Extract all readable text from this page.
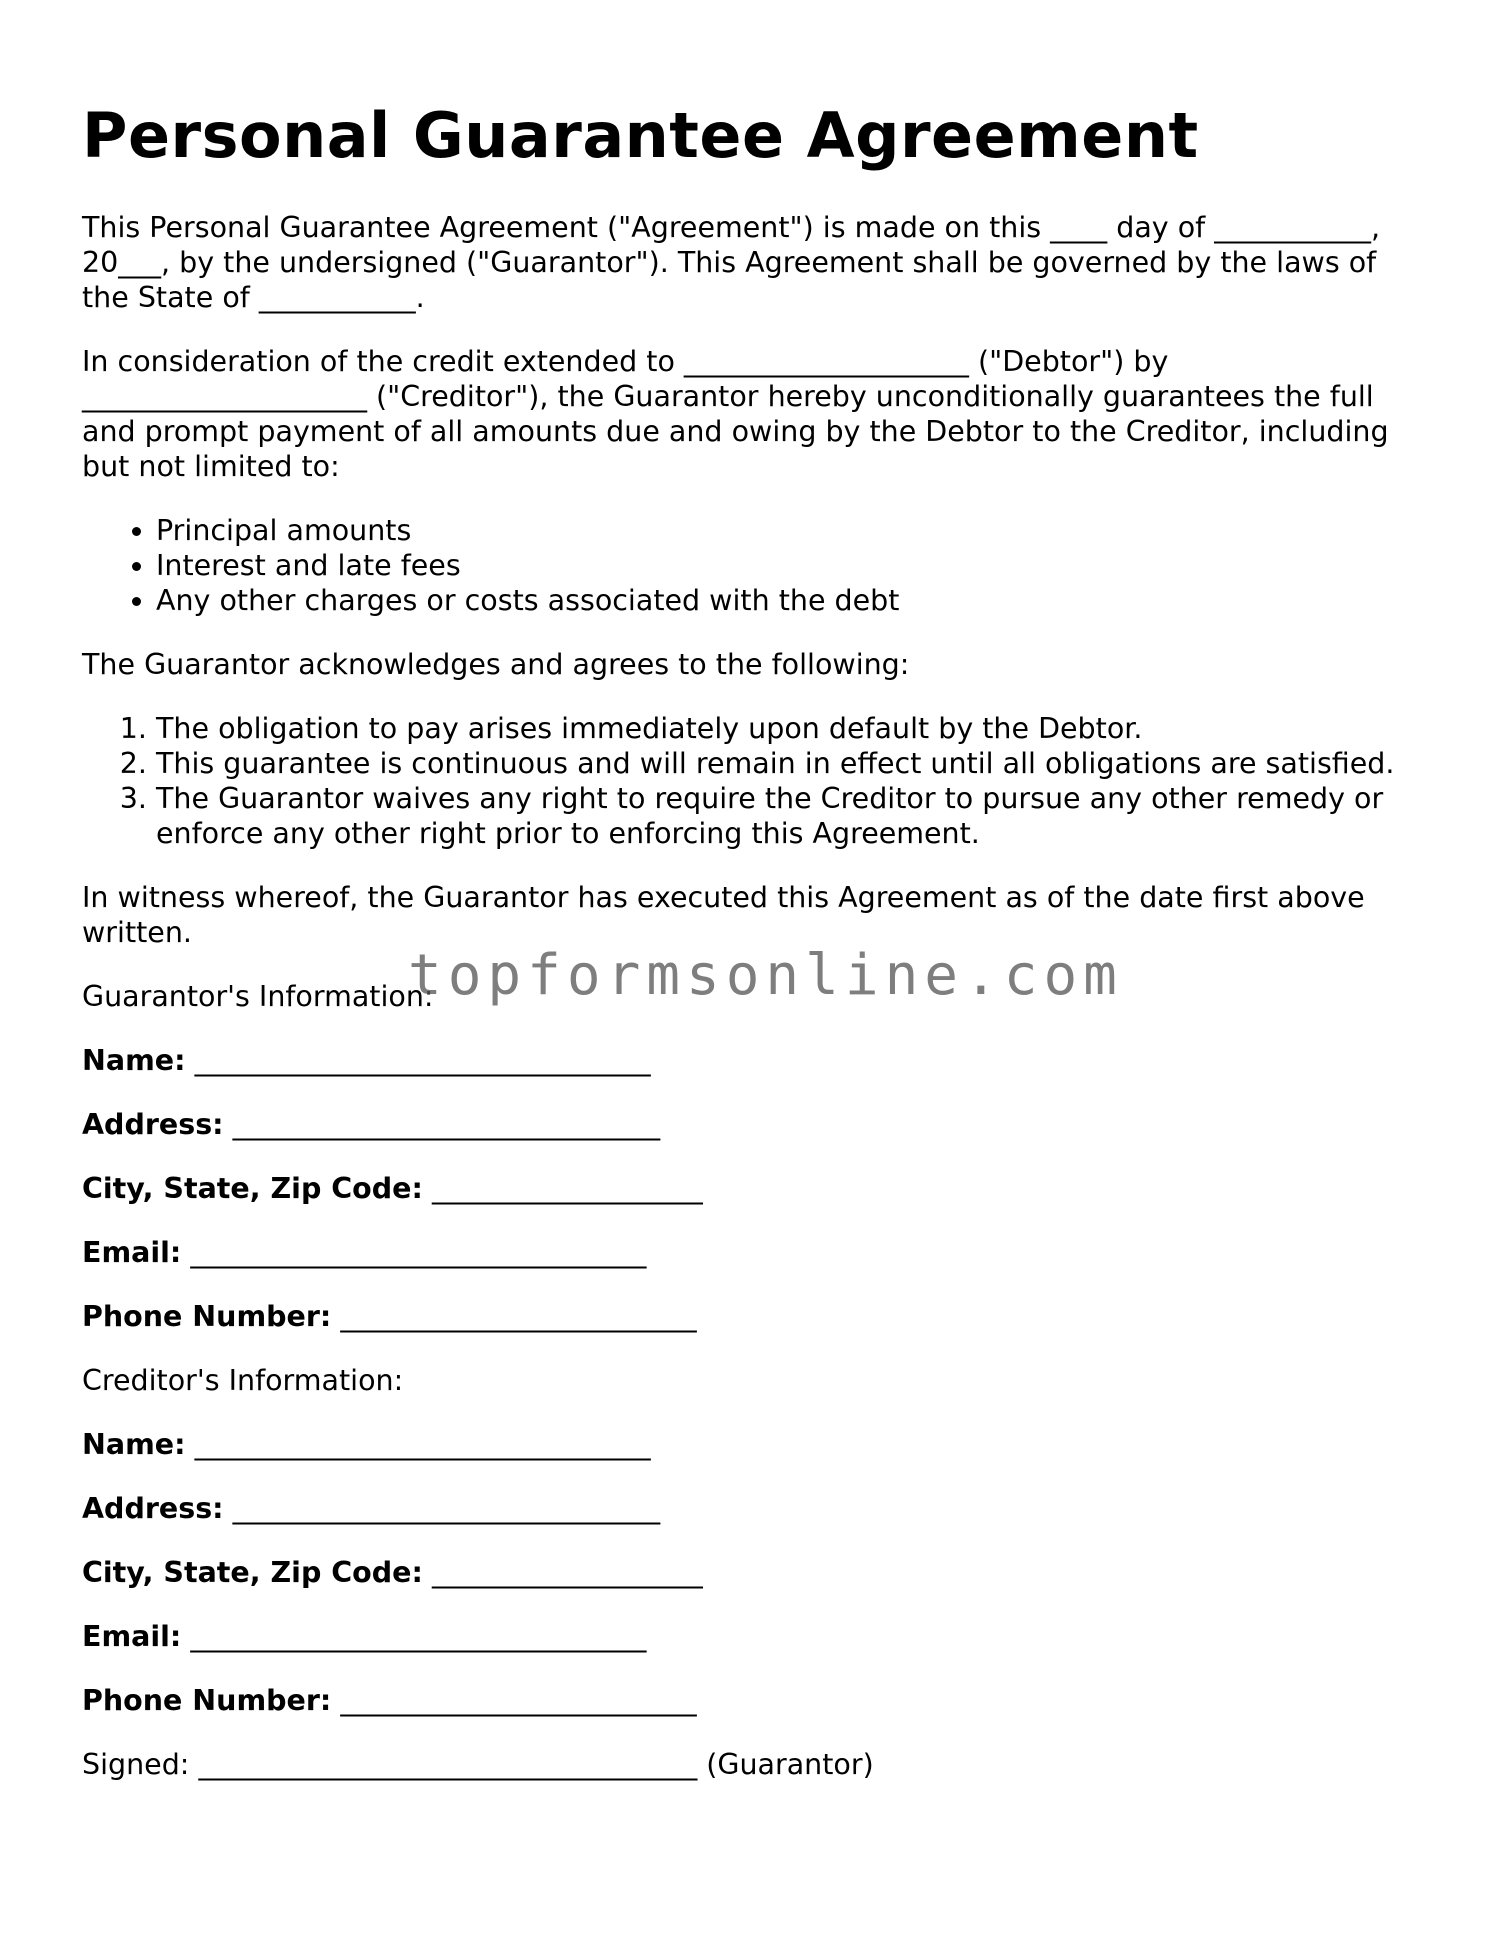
Personal Guarantee Agreement

This Personal Guarantee Agreement ("Agreement") is made on this ____ day of ___________, 20___, by the undersigned ("Guarantor"). This Agreement shall be governed by the laws of the State of ___________.

In consideration of the credit extended to ____________________ ("Debtor") by ____________________ ("Creditor"), the Guarantor hereby unconditionally guarantees the full and prompt payment of all amounts due and owing by the Debtor to the Creditor, including but not limited to:

• Principal amounts
• Interest and late fees
• Any other charges or costs associated with the debt

The Guarantor acknowledges and agrees to the following:

1. The obligation to pay arises immediately upon default by the Debtor.
2. This guarantee is continuous and will remain in effect until all obligations are satisfied.
3. The Guarantor waives any right to require the Creditor to pursue any other remedy or enforce any other right prior to enforcing this Agreement.

In witness whereof, the Guarantor has executed this Agreement as of the date first above written.

Guarantor's Information:

Name: ________________________________
Address: ______________________________
City, State, Zip Code: ___________________
Email: ________________________________
Phone Number: _________________________

Creditor's Information:

Name: ________________________________
Address: ______________________________
City, State, Zip Code: ___________________
Email: ________________________________
Phone Number: _________________________

Signed: ___________________________________ (Guarantor)

topformsonline.com
